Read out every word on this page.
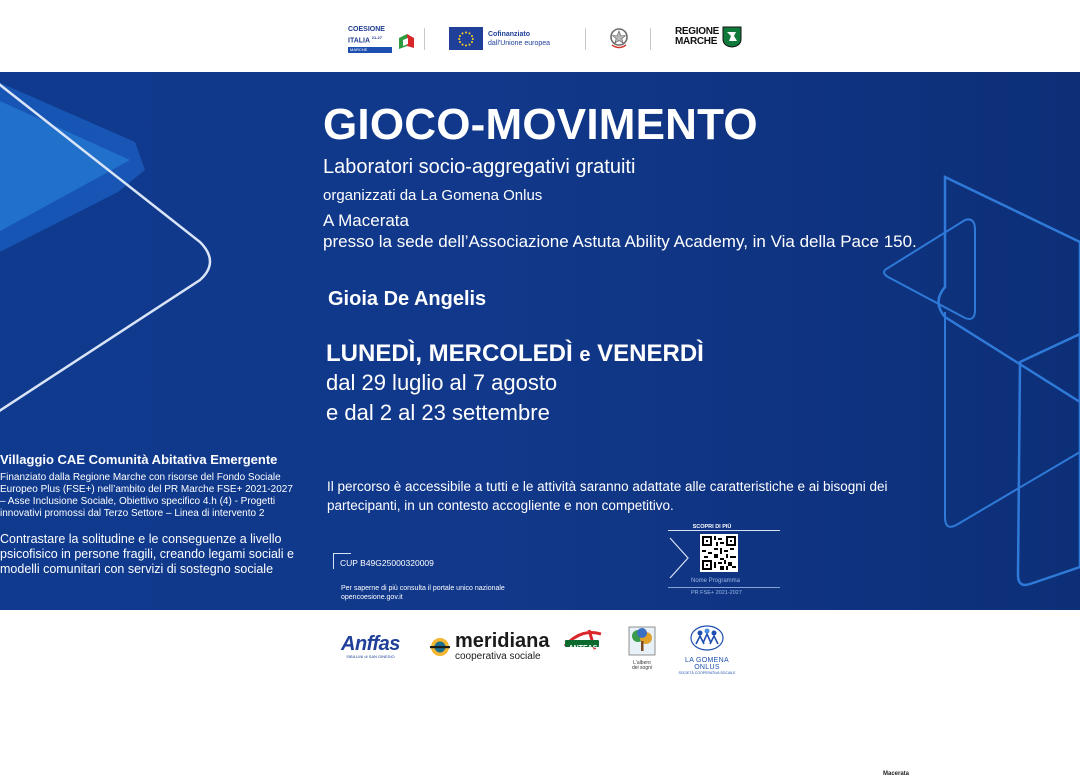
COESIONE
ITALIA $^{21-27}$
MARCHE
Cofinanziato
dall'Unione europea
REGIONE
MARCHE
GIOCO-MOVIMENTO
Laboratori socio-aggregativi gratuiti
organizzati da La Gomena Onlus
A Macerata
presso la sede dell’Associazione Astuta Ability Academy, in Via della Pace 150.
Gioia De Angelis
LUNEDÌ, MERCOLEDÌ e VENERDÌ
dal 29 luglio al 7 agosto
e dal 2 al 23 settembre
Il percorso è accessibile a tutti e le attività saranno adattate alle caratteristiche e ai bisogni dei partecipanti, in un contesto accogliente e non competitivo.
Villaggio CAE Comunità Abitativa Emergente
Finanziato dalla Regione Marche con risorse del Fondo Sociale Europeo Plus (FSE+) nell’ambito del PR Marche FSE+ 2021-2027 – Asse Inclusione Sociale, Obiettivo specifico 4.h (4) - Progetti innovativi promossi dal Terzo Settore – Linea di intervento 2
Contrastare la solitudine e le conseguenze a livello psicofisico in persone fragili, creando legami sociali e modelli comunitari con servizi di sostegno sociale	CUP B49G25000320009
Per saperne di più consulta il portale unico nazionale
opencoesione.gov.it
SCOPRI DI PIÙ
Nome Programma
PR FSE+ 2021-2027
Anffas
SIBILLINI di SAN GINESIO
meridiana
cooperativa sociale
ANTEAS
Macerata
L'albero
dei sogni
LA GOMENA ONLUS
SOCIETÀ COOPERATIVA SOCIALE
